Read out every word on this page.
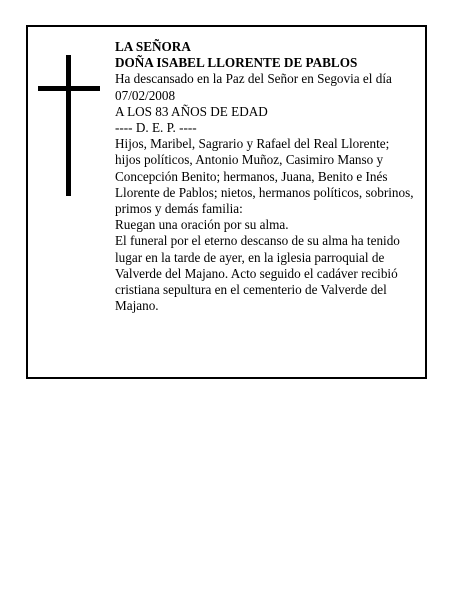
LA SEÑORA

DOÑA ISABEL LLORENTE DE PABLOS

Ha descansado en la Paz del Señor en Segovia el día 07/02/2008

A LOS 83 AÑOS DE EDAD

---- D. E. P. ----

Hijos, Maribel, Sagrario y Rafael del Real Llorente; hijos políticos, Antonio Muñoz, Casimiro Manso y Concepción Benito; hermanos, Juana, Benito e Inés Llorente de Pablos; nietos, hermanos políticos, sobrinos, primos y demás familia:

Ruegan una oración por su alma.

El funeral por el eterno descanso de su alma ha tenido lugar en la tarde de ayer, en la iglesia parroquial de Valverde del Majano. Acto seguido el cadáver recibió cristiana sepultura en el cementerio de Valverde del Majano.
